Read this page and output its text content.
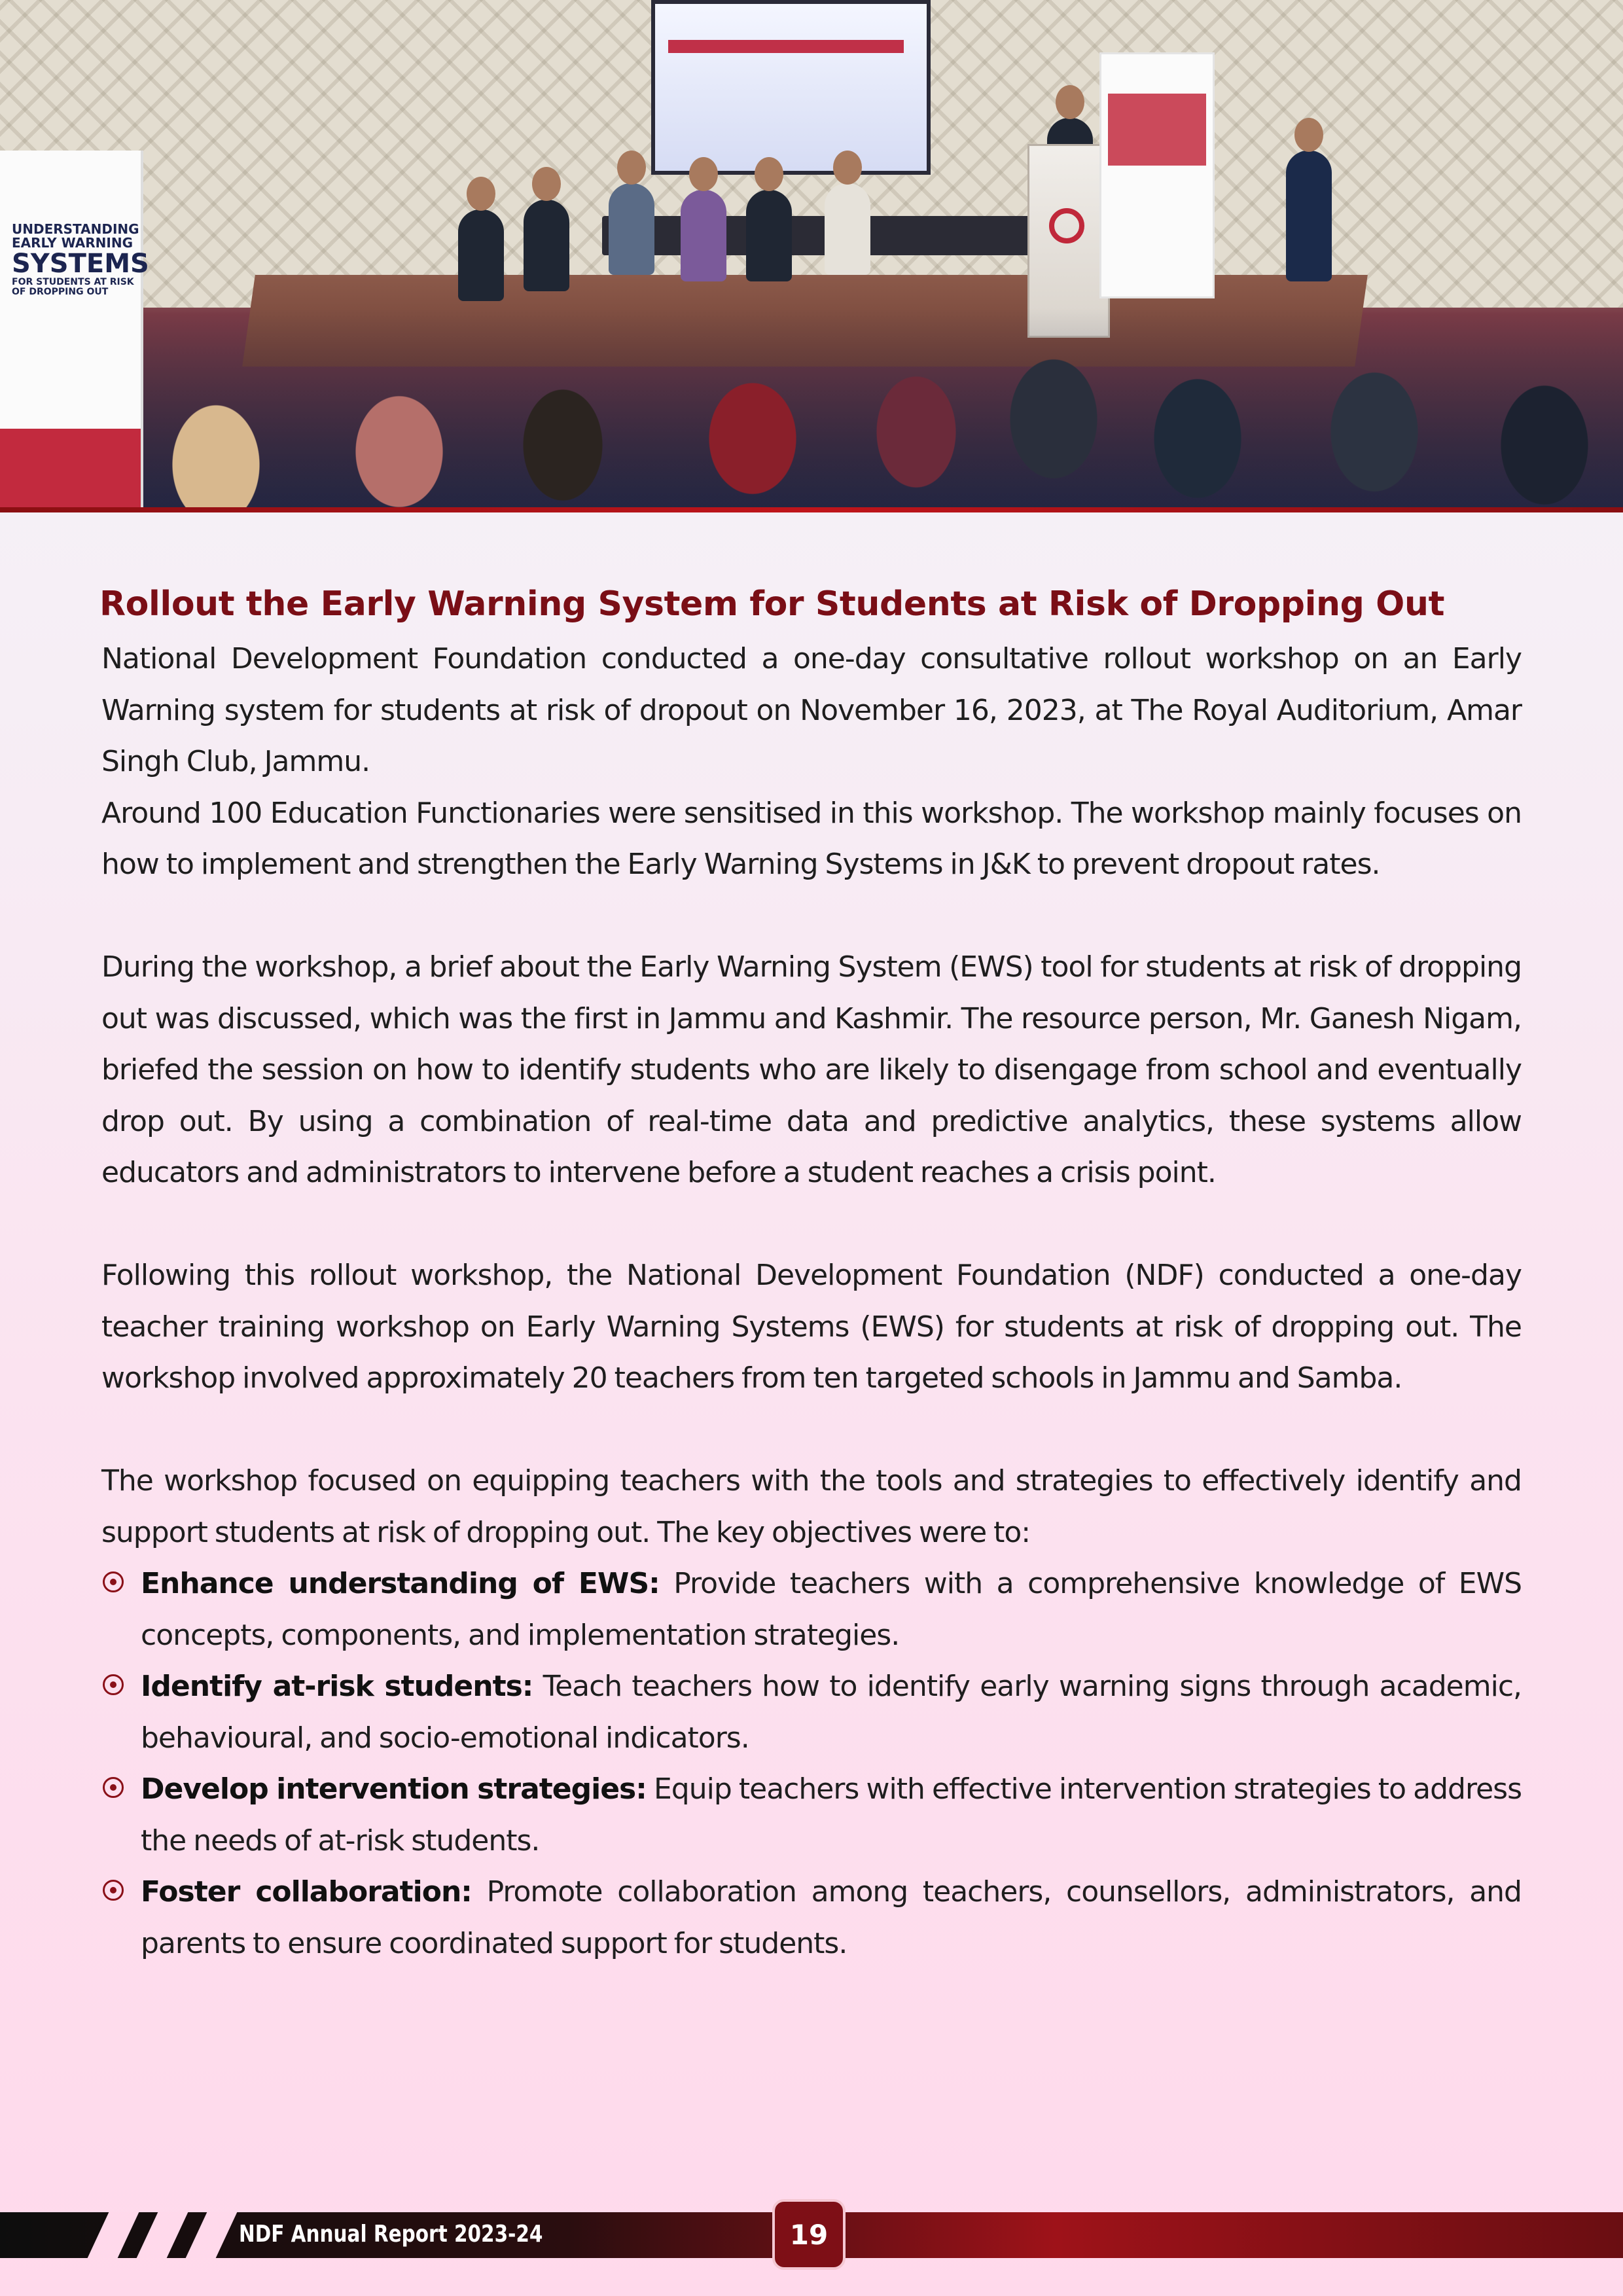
UNDERSTANDING
EARLY WARNING
SYSTEMS
FOR STUDENTS AT RISK
OF DROPPING OUT
Rollout the Early Warning System for Students at Risk of Dropping Out

National Development Foundation conducted a one-day consultative rollout workshop on an Early Warning system for students at risk of dropout on November 16, 2023, at The Royal Auditorium, Amar Singh Club, Jammu.

Around 100 Education Functionaries were sensitised in this workshop. The workshop mainly focuses on how to implement and strengthen the Early Warning Systems in J&K to prevent dropout rates.

During the workshop, a brief about the Early Warning System (EWS) tool for students at risk of dropping out was discussed, which was the first in Jammu and Kashmir. The resource person, Mr. Ganesh Nigam, briefed the session on how to identify students who are likely to disengage from school and eventually drop out. By using a combination of real-time data and predictive analytics, these systems allow educators and administrators to intervene before a student reaches a crisis point.

Following this rollout workshop, the National Development Foundation (NDF) conducted a one-day teacher training workshop on Early Warning Systems (EWS) for students at risk of dropping out. The workshop involved approximately 20 teachers from ten targeted schools in Jammu and Samba.

The workshop focused on equipping teachers with the tools and strategies to effectively identify and support students at risk of dropping out. The key objectives were to:

Enhance understanding of EWS: Provide teachers with a comprehensive knowledge of EWS concepts, components, and implementation strategies.
Identify at-risk students: Teach teachers how to identify early warning signs through academic, behavioural, and socio-emotional indicators.
Develop intervention strategies: Equip teachers with effective intervention strategies to address the needs of at-risk students.
Foster collaboration: Promote collaboration among teachers, counsellors, administrators, and parents to ensure coordinated support for students.
NDF Annual Report 2023-24	19
